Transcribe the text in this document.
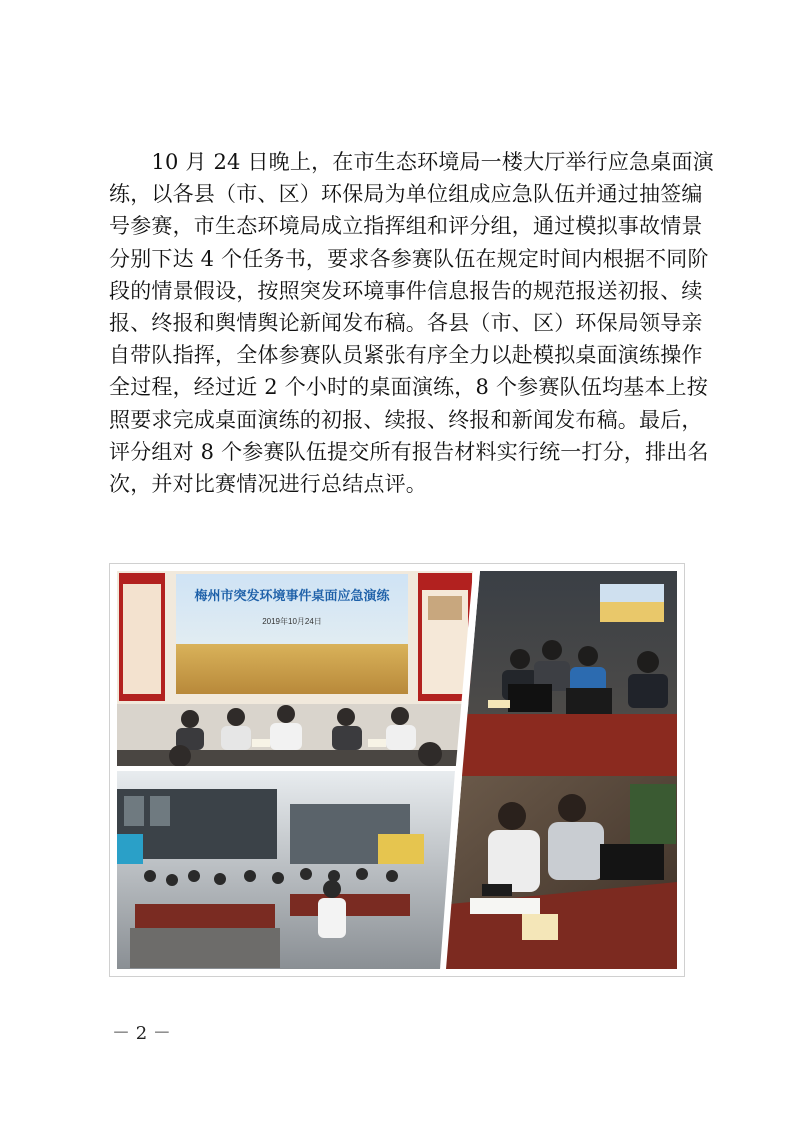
　　10 月 24 日晚上，在市生态环境局一楼大厅举行应急桌面演
练，以各县（市、区）环保局为单位组成应急队伍并通过抽签编
号参赛，市生态环境局成立指挥组和评分组，通过模拟事故情景
分别下达 4 个任务书，要求各参赛队伍在规定时间内根据不同阶
段的情景假设，按照突发环境事件信息报告的规范报送初报、续
报、终报和舆情舆论新闻发布稿。各县（市、区）环保局领导亲
自带队指挥，全体参赛队员紧张有序全力以赴模拟桌面演练操作
全过程，经过近 2 个小时的桌面演练，8 个参赛队伍均基本上按
照要求完成桌面演练的初报、续报、终报和新闻发布稿。最后，
评分组对 8 个参赛队伍提交所有报告材料实行统一打分，排出名
次，并对比赛情况进行总结点评。
梅州市突发环境事件桌面应急演练
2019年10月24日
－ 2 －
